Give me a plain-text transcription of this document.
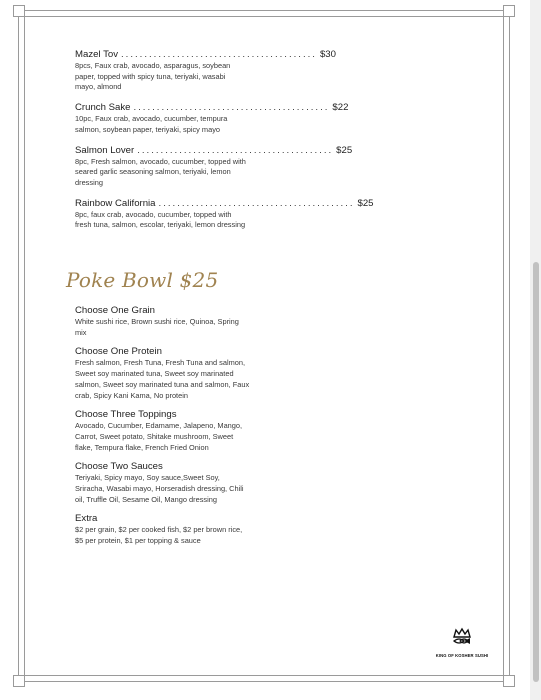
Mazel Tov .......................................... $30
8pcs, Faux crab, avocado, asparagus, soybean paper, topped with spicy tuna, teriyaki, wasabi mayo, almond
Crunch Sake .......................................... $22
10pc, Faux crab, avocado, cucumber, tempura salmon, soybean paper, teriyaki, spicy mayo
Salmon Lover .......................................... $25
8pc, Fresh salmon, avocado, cucumber, topped with seared garlic seasoning salmon, teriyaki, lemon dressing
Rainbow California .......................................... $25
8pc, faux crab, avocado, cucumber, topped with fresh tuna, salmon, escolar, teriyaki, lemon dressing
Poke Bowl $25
Choose One Grain
White sushi rice, Brown sushi rice, Quinoa, Spring mix
Choose One Protein
Fresh salmon, Fresh Tuna, Fresh Tuna and salmon, Sweet soy marinated tuna, Sweet soy marinated salmon, Sweet soy marinated tuna and salmon, Faux crab, Spicy Kani Kama, No protein
Choose Three Toppings
Avocado, Cucumber, Edamame, Jalapeno, Mango, Carrot, Sweet potato, Shitake mushroom, Sweet flake, Tempura flake, French Fried Onion
Choose Two Sauces
Teriyaki, Spicy mayo, Soy sauce,Sweet Soy, Sriracha, Wasabi mayo, Horseradish dressing, Chili oil, Truffle Oil, Sesame Oil, Mango dressing
Extra
$2 per grain, $2 per cooked fish, $2 per brown rice, $5 per protein, $1 per topping & sauce
KING OF KOSHER SUSHI
